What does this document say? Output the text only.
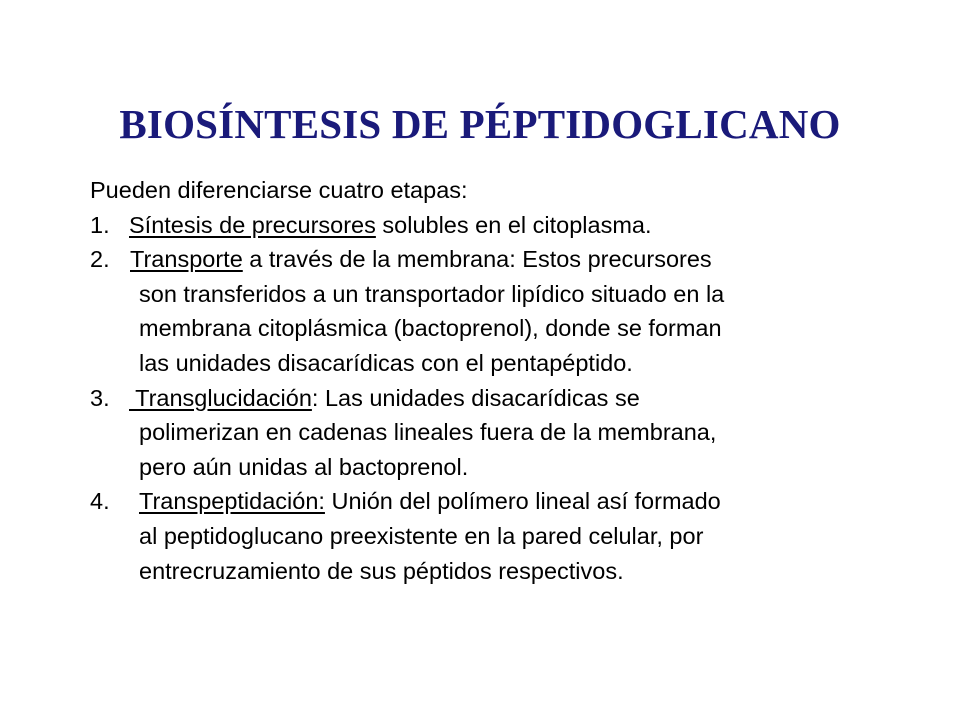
BIOSÍNTESIS DE PÉPTIDOGLICANO
Pueden diferenciarse cuatro etapas:
1. Síntesis de precursores solubles en el citoplasma.
2. Transporte a través de la membrana: Estos precursores
son transferidos a un transportador lipídico situado en la
membrana citoplásmica (bactoprenol), donde se forman
las unidades disacarídicas con el pentapéptido.
3. Transglucidación: Las unidades disacarídicas se
polimerizan en cadenas lineales fuera de la membrana,
pero aún unidas al bactoprenol.
4. Transpeptidación: Unión del polímero lineal así formado
al peptidoglucano preexistente en la pared celular, por
entrecruzamiento de sus péptidos respectivos.
